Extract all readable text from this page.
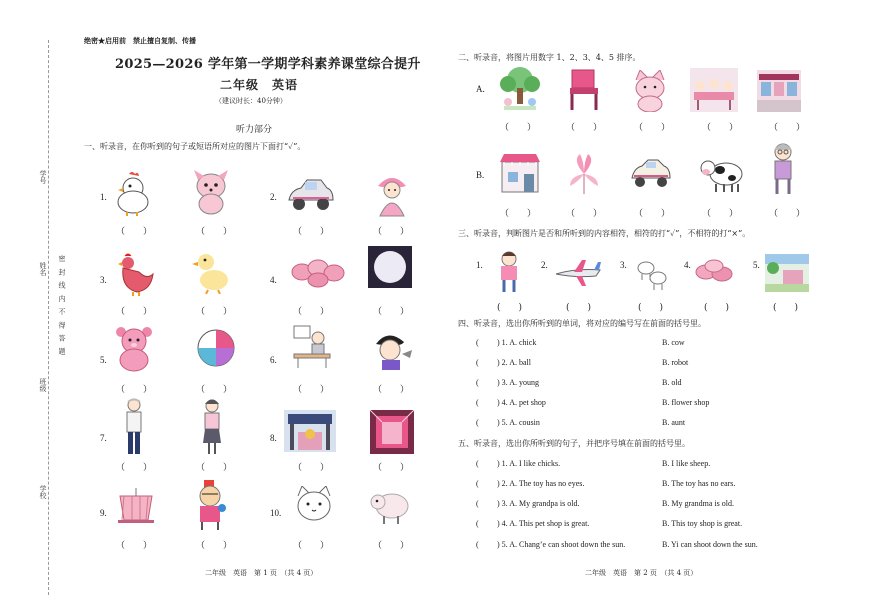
学号
姓名 密 封 线 内 不 得 答 题
班级
学校
绝密★启用前　禁止擅自复制、传播
2025—2026 学年第一学期学科素养课堂综合提升
二年级　英语
（建议时长：40分钟）
听力部分
一、听录音，在你听到的句子或短语所对应的图片下面打“✓”。
1.	2.
3.	4.
5.	6.
7.	8.
9.	10.
（　　）	（　　）	（　　）	（　　）
（　　）	（　　）	（　　）	（　　）
（　　）	（　　）	（　　）	（　　）
（　　）	（　　）	（　　）	（　　）
（　　）	（　　）	（　　）	（　　）
二年级　英语　第 1 页　（共 4 页）
二、听录音，将图片用数字 1、2、3、4、5 排序。
A.
B.
（　　）	（　　）	（　　）	（　　）	（　　）
（　　）	（　　）	（　　）	（　　）	（　　）
三、听录音，判断图片是否和所听到的内容相符，相符的打“✓”，不相符的打“×”。
1.	2.	3.	4.	5.
(　　)	(　　)	(　　)	(　　)	(　　)
四、听录音，选出你所听到的单词，将对应的编号写在前面的括号里。
( ) 1. A. chick	B. cow
( ) 2. A. ball	B. robot
( ) 3. A. young	B. old
( ) 4. A. pet shop	B. flower shop
( ) 5. A. cousin	B. aunt
五、听录音，选出你所听到的句子，并把序号填在前面的括号里。
( ) 1. A. I like chicks.	B. I like sheep.
( ) 2. A. The toy has no eyes.	B. The toy has no ears.
( ) 3. A. My grandpa is old.	B. My grandma is old.
( ) 4. A. This pet shop is great.	B. This toy shop is great.
( ) 5. A. Chang’e can shoot down the sun.	B. Yi can shoot down the sun.
二年级　英语　第 2 页　（共 4 页）
